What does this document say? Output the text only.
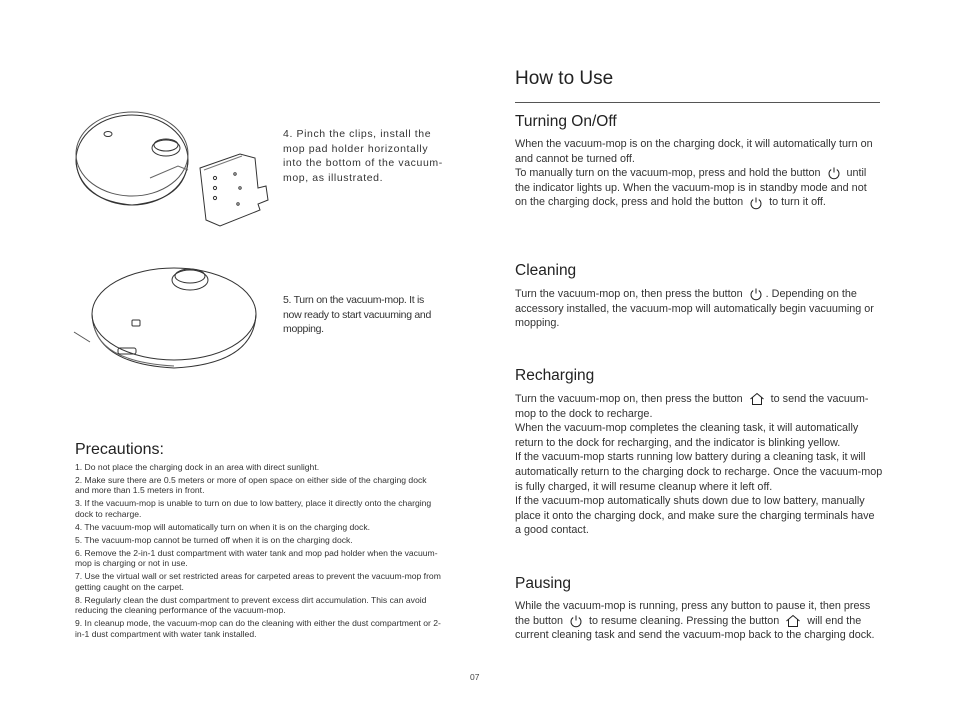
4. Pinch the clips, install the mop pad holder horizontally into the bottom of the vacuum-mop, as illustrated.
5. Turn on the vacuum-mop. It is now ready to start vacuuming and mopping.
Precautions:
1. Do not place the charging dock in an area with direct sunlight.
2. Make sure there are 0.5 meters or more of open space on either side of the charging dock and more than 1.5 meters in front.
3. If the vacuum-mop is unable to turn on due to low battery, place it directly onto the charging dock to recharge.
4. The vacuum-mop will automatically turn on when it is on the charging dock.
5. The vacuum-mop cannot be turned off when it is on the charging dock.
6. Remove the 2-in-1 dust compartment with water tank and mop pad holder when the vacuum-mop is charging or not in use.
7. Use the virtual wall or set restricted areas for carpeted areas to prevent the vacuum-mop from getting caught on the carpet.
8. Regularly clean the dust compartment to prevent excess dirt accumulation. This can avoid reducing the cleaning performance of the vacuum-mop.
9. In cleanup mode, the vacuum-mop can do the cleaning with either the dust compartment or 2-in-1 dust compartment with water tank installed.
How to Use
Turning On/Off
When the vacuum-mop is on the charging dock, it will automatically turn on and cannot be turned off.
To manually turn on the vacuum-mop, press and hold the button until the indicator lights up. When the vacuum-mop is in standby mode and not on the charging dock, press and hold the button to turn it off.
Cleaning
Turn the vacuum-mop on, then press the button . Depending on the accessory installed, the vacuum-mop will automatically begin vacuuming or mopping.
Recharging
Turn the vacuum-mop on, then press the button	to send the vacuum-mop to the dock to recharge.
When the vacuum-mop completes the cleaning task, it will automatically return to the dock for recharging, and the indicator is blinking yellow.
If the vacuum-mop starts running low battery during a cleaning task, it will automatically return to the charging dock to recharge. Once the vacuum-mop is fully charged, it will resume cleanup where it left off.
If the vacuum-mop automatically shuts down due to low battery, manually place it onto the charging dock, and make sure the charging terminals have a good contact.
Pausing
While the vacuum-mop is running, press any button to pause it, then press the button to resume cleaning. Pressing the button	will end the current cleaning task and send the vacuum-mop back to the charging dock.
07
